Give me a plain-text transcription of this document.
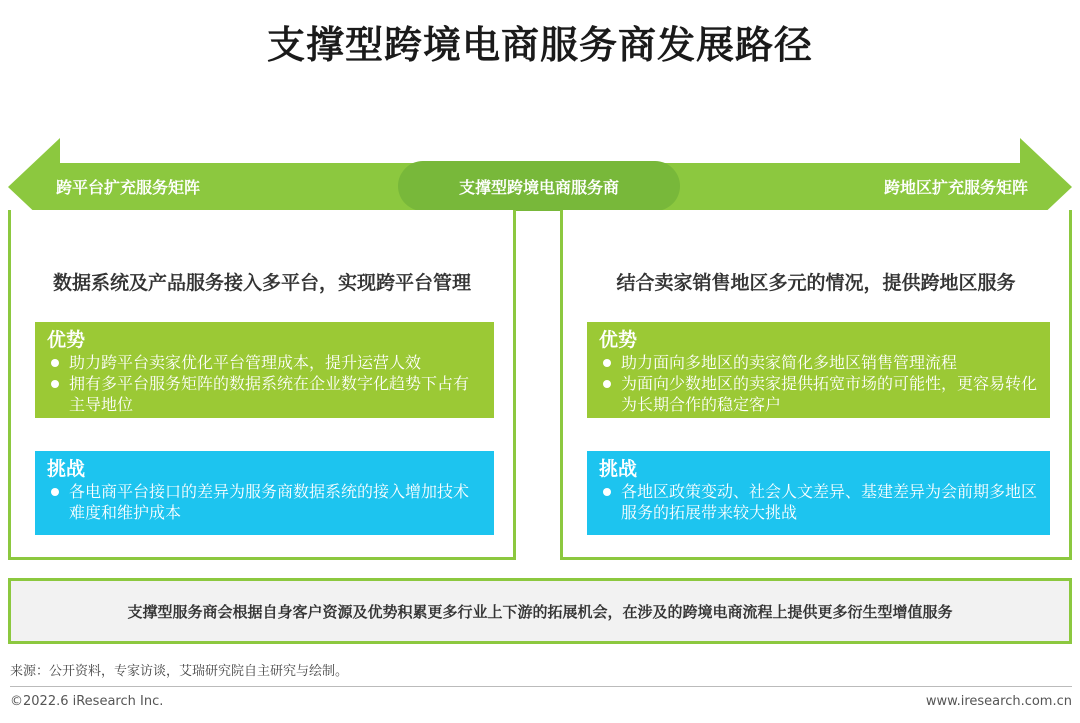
支撑型跨境电商服务商发展路径
跨平台扩充服务矩阵	支撑型跨境电商服务商	跨地区扩充服务矩阵
数据系统及产品服务接入多平台，实现跨平台管理
优势
助力跨平台卖家优化平台管理成本，提升运营人效
拥有多平台服务矩阵的数据系统在企业数字化趋势下占有主导地位
挑战
各电商平台接口的差异为服务商数据系统的接入增加技术难度和维护成本
结合卖家销售地区多元的情况，提供跨地区服务
优势
助力面向多地区的卖家简化多地区销售管理流程
为面向少数地区的卖家提供拓宽市场的可能性，更容易转化为长期合作的稳定客户
挑战
各地区政策变动、社会人文差异、基建差异为会前期多地区服务的拓展带来较大挑战
支撑型服务商会根据自身客户资源及优势积累更多行业上下游的拓展机会，在涉及的跨境电商流程上提供更多衍生型增值服务
来源：公开资料，专家访谈，艾瑞研究院自主研究与绘制。
©2022.6 iResearch Inc.	www.iresearch.com.cn
